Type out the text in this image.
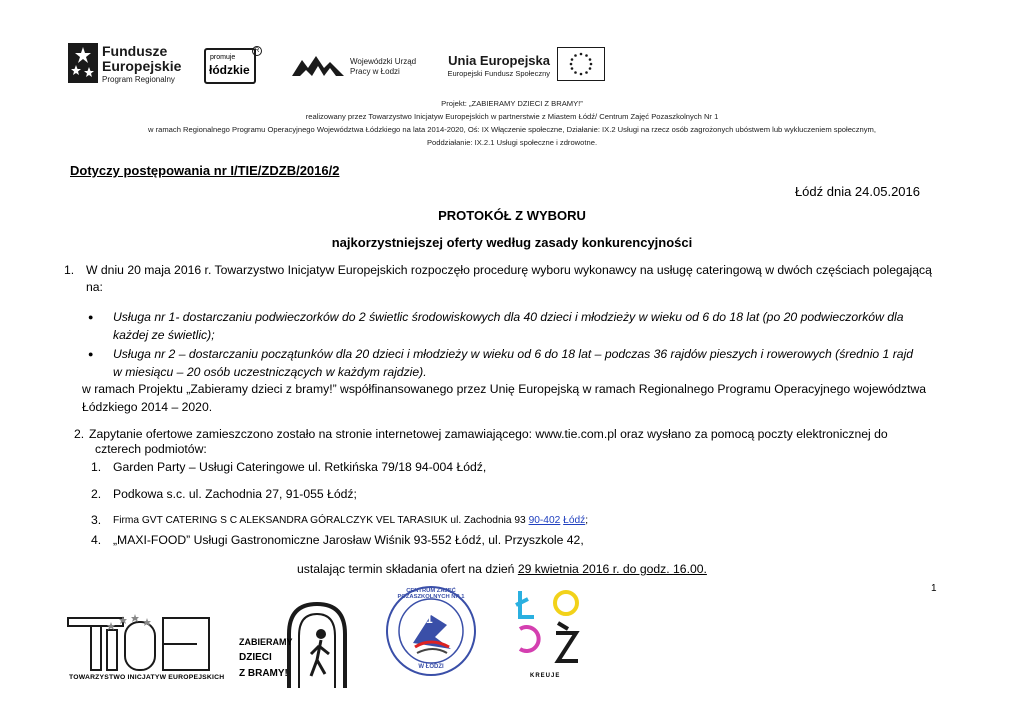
Fundusze
Europejskie
Program Regionalny
promuje
łódzkie
R
Wojewódzki Urząd
Pracy w Łodzi
Unia Europejska
Europejski Fundusz Społeczny
Projekt: „ZABIERAMY DZIECI Z BRAMY!”
realizowany przez Towarzystwo Inicjatyw Europejskich w partnerstwie z Miastem Łódź/ Centrum Zajęć Pozaszkolnych Nr 1
w ramach Regionalnego Programu Operacyjnego Województwa Łódzkiego na lata 2014-2020, Oś: IX Włączenie społeczne, Działanie: IX.2 Usługi na rzecz osób zagrożonych ubóstwem lub wykluczeniem społecznym,
Poddziałanie: IX.2.1 Usługi społeczne i zdrowotne.
Dotyczy postępowania nr I/TIE/ZDZB/2016/2
Łódź dnia 24.05.2016
PROTOKÓŁ Z WYBORU
najkorzystniejszej oferty według zasady konkurencyjności
1. W dniu 20 maja 2016 r. Towarzystwo Inicjatyw Europejskich rozpoczęło procedurę wyboru wykonawcy na usługę cateringową w dwóch częściach polegającą
na:
● Usługa nr 1- dostarczaniu podwieczorków do 2 świetlic środowiskowych dla 40 dzieci i młodzieży w wieku od 6 do 18 lat (po 20 podwieczorków dla
każdej ze świetlic);
● Usługa nr 2 – dostarczaniu początunków dla 20 dzieci i młodzieży w wieku od 6 do 18 lat – podczas 36 rajdów pieszych i rowerowych (średnio 1 rajd
w miesiącu – 20 osób uczestniczących w każdym rajdzie).
w ramach Projektu „Zabieramy dzieci z bramy!” współfinansowanego przez Unię Europejską w ramach Regionalnego Programu Operacyjnego województwa
Łódzkiego 2014 – 2020.
2. Zapytanie ofertowe zamieszczono zostało na stronie internetowej zamawiającego: www.tie.com.pl oraz wysłano za pomocą poczty elektronicznej do
czterech podmiotów:
1. Garden Party – Usługi Cateringowe ul. Retkińska 79/18 94-004 Łódź,
2. Podkowa s.c. ul. Zachodnia 27, 91-055 Łódź;
3. Firma GVT CATERING S C ALEKSANDRA GÓRALCZYK VEL TARASIUK ul. Zachodnia 93 90-402 Łódź;
4. „MAXI-FOOD” Usługi Gastronomiczne Jarosław Wiśnik 93-552 Łódź, ul. Przyszkole 42,
ustalając termin składania ofert na dzień 29 kwietnia 2016 r. do godz. 16.00.
1
TOWARZYSTWO INICJATYW EUROPEJSKICH
ZABIERAMY
DZIECI
Z BRAMY!
CENTRUM ZAJĘĆ POZASZKOLNYCH NR 1
W ŁODZI
1
KREUJE
